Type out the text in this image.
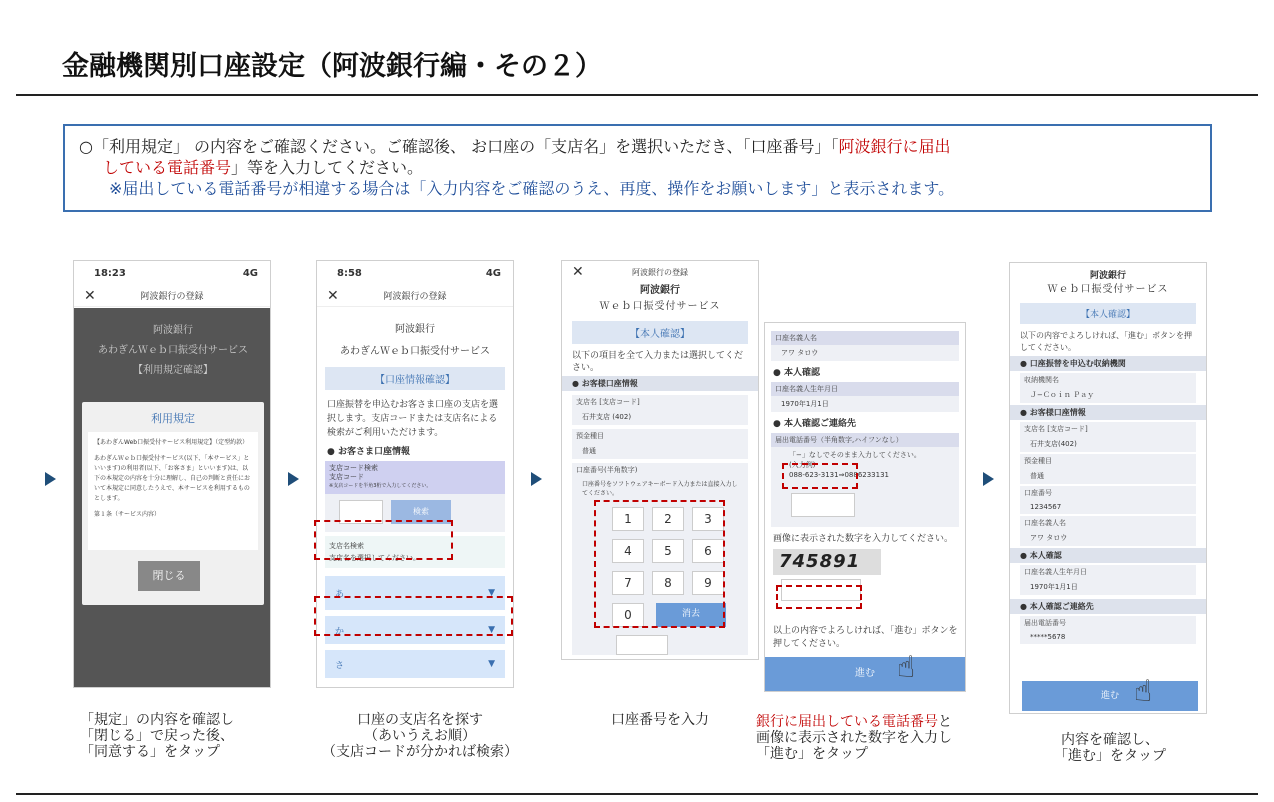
金融機関別口座設定（阿波銀行編・その２）
○「利用規定」 の内容をご確認ください。ご確認後、 お口座の「支店名」を選択いただき、「口座番号」「阿波銀行に届出
している電話番号」等を入力してください。
※届出している電話番号が相違する場合は「入力内容をご確認のうえ、再度、操作をお願いします」と表示されます。
18:23	4G
✕	阿波銀行の登録
阿波銀行
あわぎんＷｅｂ口振受付サービス
【利用規定確認】
利用規定
【あわぎんWeb口振受付サービス利用規定】（定型約款）
あわぎんＷｅｂ口振受付サービス(以下、「本サービス」といいます)の利用者(以下、「お客さま」といいます)は、以下の本規定の内容を十分に理解し、自己の判断と責任において本規定に同意したうえで、本サービスを利用するものとします。
第１条（サービス内容）
閉じる
8:58	4G
✕	阿波銀行の登録
阿波銀行
あわぎんＷｅｂ口振受付サービス
【口座情報確認】
口座振替を申込むお客さま口座の支店を選択します。支店コードまたは支店名による検索がご利用いただけます。
● お客さま口座情報
支店コード検索
支店コード
※支店コードを半角3桁で入力してください。
検索
支店名検索
支店名を選択してください。
あ	▼
か	▼
さ	▼
✕	阿波銀行の登録
阿波銀行
Ｗｅｂ口振受付サービス
【本人確認】
以下の項目を全て入力または選択してください。
● お客様口座情報
支店名 [支店コード]
石井支店 (402)
預金種目
普通
口座番号(半角数字)
口座番号をソフトウェアキーボード入力または直接入力してください。
1	2	3
4	5	6
7	8	9
0	消去
口座名義人名
アワ タロウ
● 本人確認
口座名義人生年月日
1970年1月1日
● 本人確認ご連絡先
届出電話番号（半角数字,ハイフンなし）
「−」なしでそのまま入力してください。
(入力例)
088-623-3131⇒0886233131
画像に表示された数字を入力してください。
745891
以上の内容でよろしければ、「進む」ボタンを押してください。
進む ☝
阿波銀行
Ｗｅｂ口振受付サービス
【本人確認】
以下の内容でよろしければ、「進む」ボタンを押してください。
● 口座振替を申込む収納機関
収納機関名
Ｊ−Ｃｏｉｎ Ｐａｙ
● お客様口座情報
支店名 [支店コード]
石井支店(402)
預金種目
普通
口座番号
1234567
口座名義人名
アワ タロウ
● 本人確認
口座名義人生年月日
1970年1月1日
● 本人確認ご連絡先
届出電話番号
*****5678
進む ☝
「規定」の内容を確認し
「閉じる」で戻った後、
「同意する」をタップ
口座の支店名を探す
（あいうえお順）
（支店コードが分かれば検索）
口座番号を入力	銀行に届出している電話番号と
画像に表示された数字を入力し
「進む」をタップ
内容を確認し、
「進む」をタップ
